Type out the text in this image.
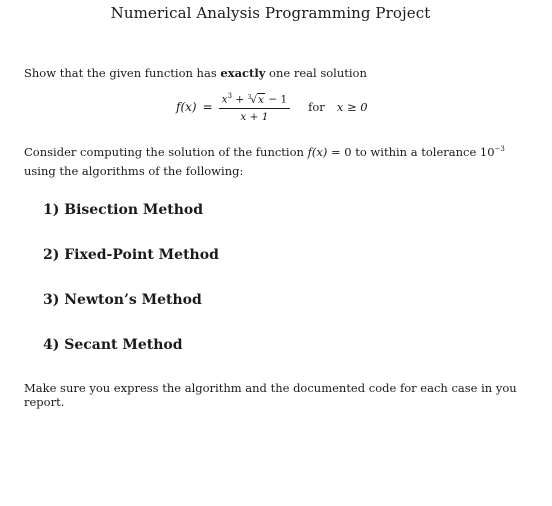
Numerical Analysis Programming Project
Show that the given function has exactly one real solution
$f(x) = \frac{x^3 + ^3√x - 1}{x + 1}$ for x ≥ 0
Consider computing the solution of the function f(x) = 0 to within a tolerance $10^{-3}$ using the algorithms of the following:
1) Bisection Method
2) Fixed-Point Method
3) Newton’s Method
4) Secant Method
Make sure you express the algorithm and the documented code for each case in you report.
